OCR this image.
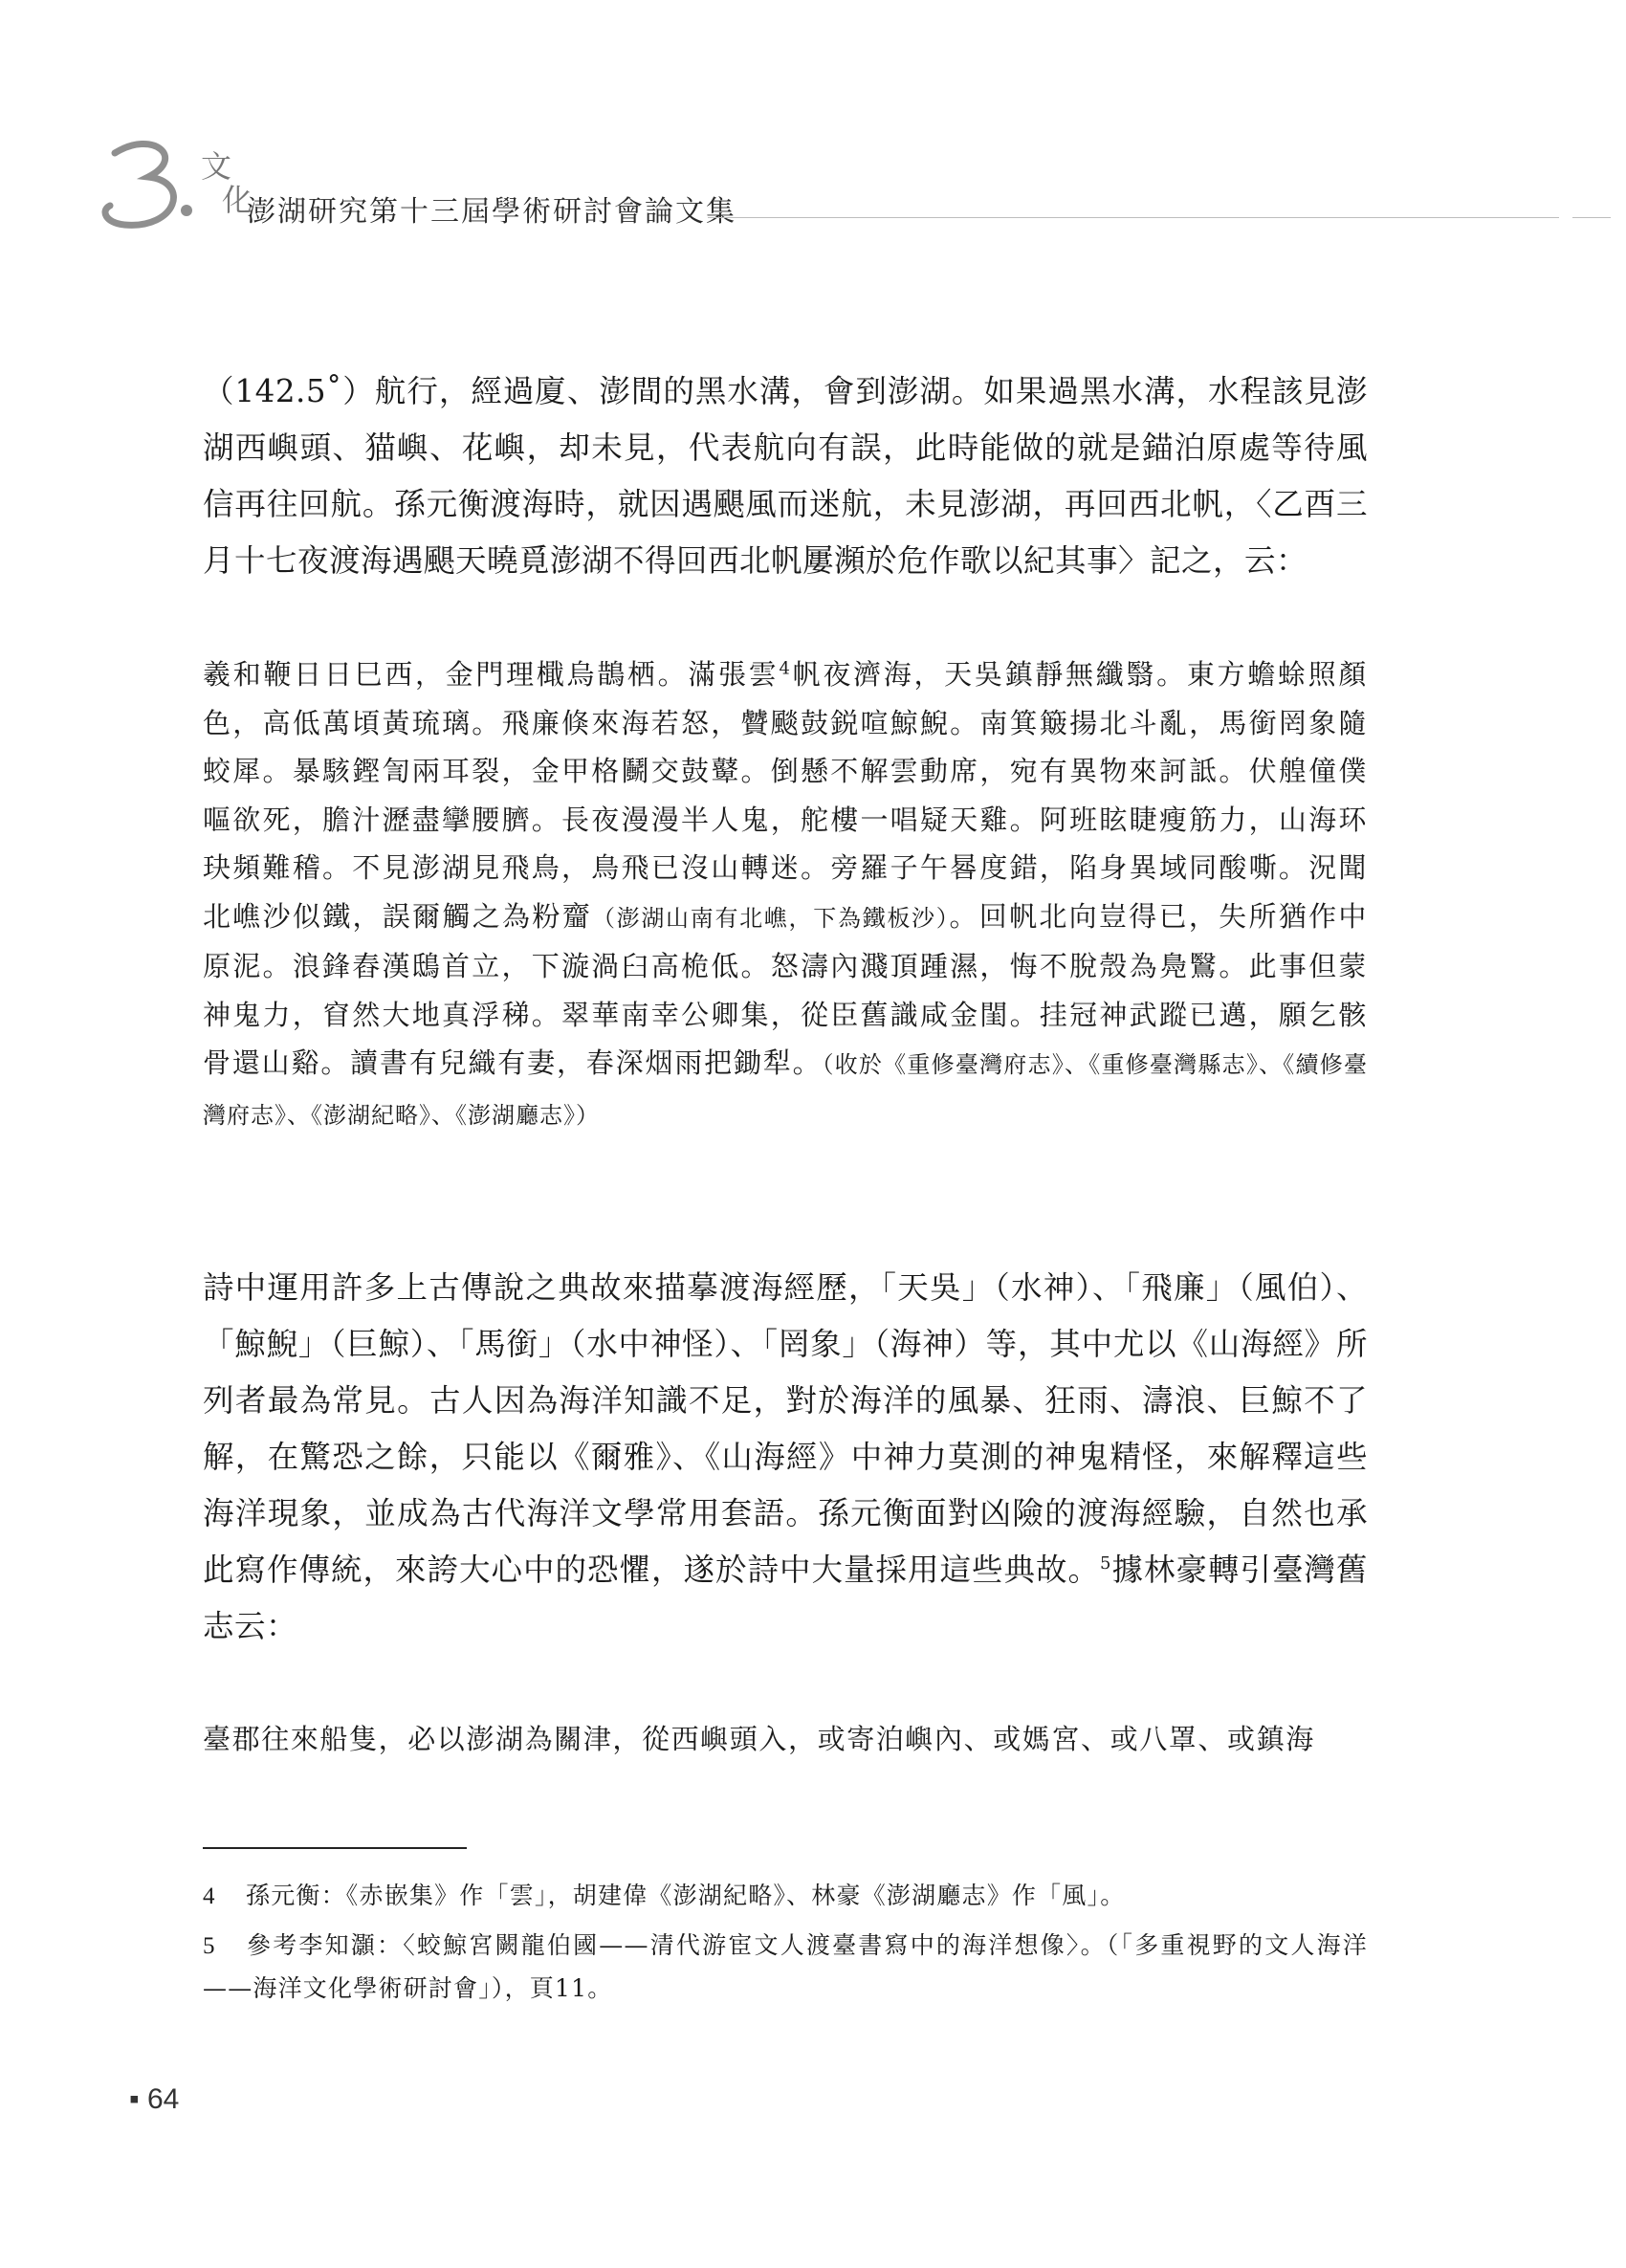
文
化
澎湖研究第十三屆學術研討會論文集

（142.5˚）航行，經過廈、澎間的黑水溝，會到澎湖。如果過黑水溝，水程該見澎湖西嶼頭、猫嶼、花嶼，却未見，代表航向有誤，此時能做的就是錨泊原處等待風信再往回航。孫元衡渡海時，就因遇颶風而迷航，未見澎湖，再回西北帆，〈乙酉三月十七夜渡海遇颶天曉覓澎湖不得回西北帆屢瀕於危作歌以紀其事〉記之，云：

羲和鞭日日巳西，金門理檝烏鵲栖。滿張雲$^4$帆夜濟海，天吳鎮靜無纖翳。東方蟾蜍照顏色，高低萬頃黃琉璃。飛廉倏來海若怒，贙颷鼓鋭喧鯨鯢。南箕簸揚北斗亂，馬銜罔象隨蛟犀。暴駭鏗訇兩耳裂，金甲格鬭交鼓鼙。倒懸不解雲動席，宛有異物來訶詆。伏艎僮僕嘔欲死，膽汁瀝盡攣腰臍。長夜漫漫半人鬼，舵樓一唱疑天雞。阿班眩睫瘦筋力，山海环玦頻難稽。不見澎湖見飛鳥，鳥飛已沒山轉迷。旁羅子午晷度錯，陷身異域同酸嘶。況聞北嶕沙似鐵，誤爾觸之為粉齏（澎湖山南有北嶕，下為鐵板沙）。回帆北向豈得已，失所猶作中原泥。浪鋒舂漢鴟首立，下漩渦臼高桅低。怒濤內濺頂踵濕，悔不脫殼為鳧鷖。此事但蒙神鬼力，窅然大地真浮稊。翠華南幸公卿集，從臣舊識咸金閨。挂冠神武蹤已邁，願乞骸骨還山谿。讀書有兒織有妻，春深烟雨把鋤犁。（收於《重修臺灣府志》、《重修臺灣縣志》、《續修臺灣府志》、《澎湖紀略》、《澎湖廳志》）

詩中運用許多上古傳說之典故來描摹渡海經歷，「天吳」（水神）、「飛廉」（風伯）、「鯨鯢」（巨鯨）、「馬銜」（水中神怪）、「罔象」（海神）等，其中尤以《山海經》所列者最為常見。古人因為海洋知識不足，對於海洋的風暴、狂雨、濤浪、巨鯨不了解，在驚恐之餘，只能以《爾雅》、《山海經》中神力莫測的神鬼精怪，來解釋這些海洋現象，並成為古代海洋文學常用套語。孫元衡面對凶險的渡海經驗，自然也承此寫作傳統，來誇大心中的恐懼，遂於詩中大量採用這些典故。$^5$據林豪轉引臺灣舊志云：

臺郡往來船隻，必以澎湖為關津，從西嶼頭入，或寄泊嶼內、或媽宮、或八罩、或鎮海

4 孫元衡：《赤嵌集》作「雲」，胡建偉《澎湖紀略》、林豪《澎湖廳志》作「風」。

5 參考李知灝：〈蛟鯨宮闕龍伯國——清代游宦文人渡臺書寫中的海洋想像〉。（「多重視野的文人海洋——海洋文化學術研討會」），頁11。

▪ 64
